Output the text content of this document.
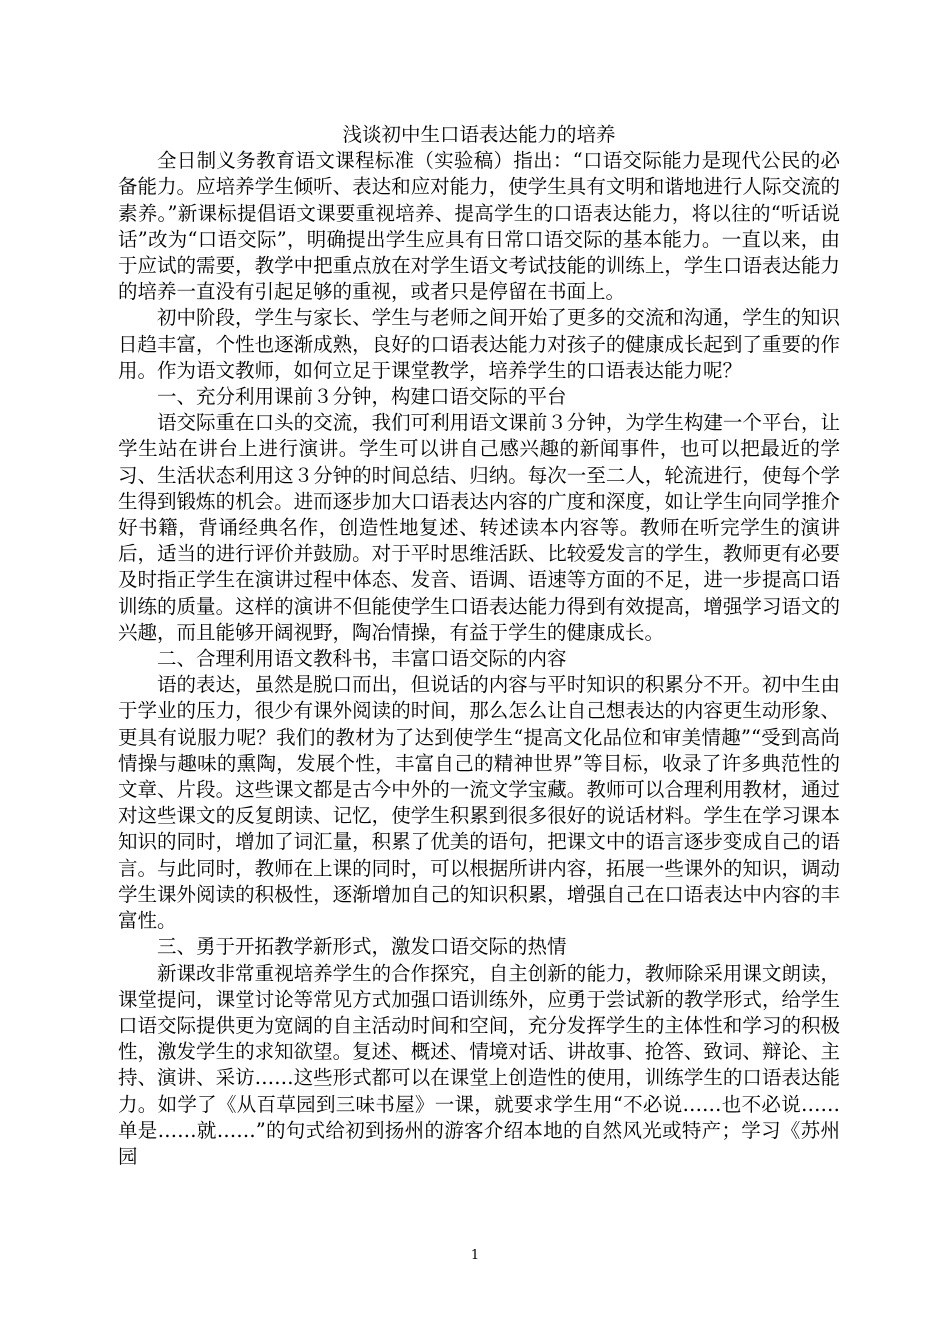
浅谈初中生口语表达能力的培养

全日制义务教育语文课程标准（实验稿）指出：“口语交际能力是现代公民的必备能力。应培养学生倾听、表达和应对能力，使学生具有文明和谐地进行人际交流的素养。”新课标提倡语文课要重视培养、提高学生的口语表达能力，将以往的“听话说话”改为“口语交际”，明确提出学生应具有日常口语交际的基本能力。一直以来，由于应试的需要，教学中把重点放在对学生语文考试技能的训练上，学生口语表达能力的培养一直没有引起足够的重视，或者只是停留在书面上。

初中阶段，学生与家长、学生与老师之间开始了更多的交流和沟通，学生的知识日趋丰富，个性也逐渐成熟，良好的口语表达能力对孩子的健康成长起到了重要的作用。作为语文教师，如何立足于课堂教学，培养学生的口语表达能力呢？

一、充分利用课前３分钟，构建口语交际的平台

语交际重在口头的交流，我们可利用语文课前３分钟，为学生构建一个平台，让学生站在讲台上进行演讲。学生可以讲自己感兴趣的新闻事件，也可以把最近的学习、生活状态利用这３分钟的时间总结、归纳。每次一至二人，轮流进行，使每个学生得到锻炼的机会。进而逐步加大口语表达内容的广度和深度，如让学生向同学推介好书籍，背诵经典名作，创造性地复述、转述读本内容等。教师在听完学生的演讲后，适当的进行评价并鼓励。对于平时思维活跃、比较爱发言的学生，教师更有必要及时指正学生在演讲过程中体态、发音、语调、语速等方面的不足，进一步提高口语训练的质量。这样的演讲不但能使学生口语表达能力得到有效提高，增强学习语文的兴趣，而且能够开阔视野，陶冶情操，有益于学生的健康成长。

二、合理利用语文教科书，丰富口语交际的内容

语的表达，虽然是脱口而出，但说话的内容与平时知识的积累分不开。初中生由于学业的压力，很少有课外阅读的时间，那么怎么让自己想表达的内容更生动形象、更具有说服力呢？我们的教材为了达到使学生“提高文化品位和审美情趣”“受到高尚情操与趣味的熏陶，发展个性，丰富自己的精神世界”等目标，收录了许多典范性的文章、片段。这些课文都是古今中外的一流文学宝藏。教师可以合理利用教材，通过对这些课文的反复朗读、记忆，使学生积累到很多很好的说话材料。学生在学习课本知识的同时，增加了词汇量，积累了优美的语句，把课文中的语言逐步变成自己的语言。与此同时，教师在上课的同时，可以根据所讲内容，拓展一些课外的知识，调动学生课外阅读的积极性，逐渐增加自己的知识积累，增强自己在口语表达中内容的丰富性。

三、勇于开拓教学新形式，激发口语交际的热情

新课改非常重视培养学生的合作探究，自主创新的能力，教师除采用课文朗读，课堂提问，课堂讨论等常见方式加强口语训练外，应勇于尝试新的教学形式，给学生口语交际提供更为宽阔的自主活动时间和空间，充分发挥学生的主体性和学习的积极性，激发学生的求知欲望。复述、概述、情境对话、讲故事、抢答、致词、辩论、主持、演讲、采访……这些形式都可以在课堂上创造性的使用，训练学生的口语表达能力。如学了《从百草园到三味书屋》一课，就要求学生用“不必说……也不必说……单是……就……”的句式给初到扬州的游客介绍本地的自然风光或特产；学习《苏州园

1
